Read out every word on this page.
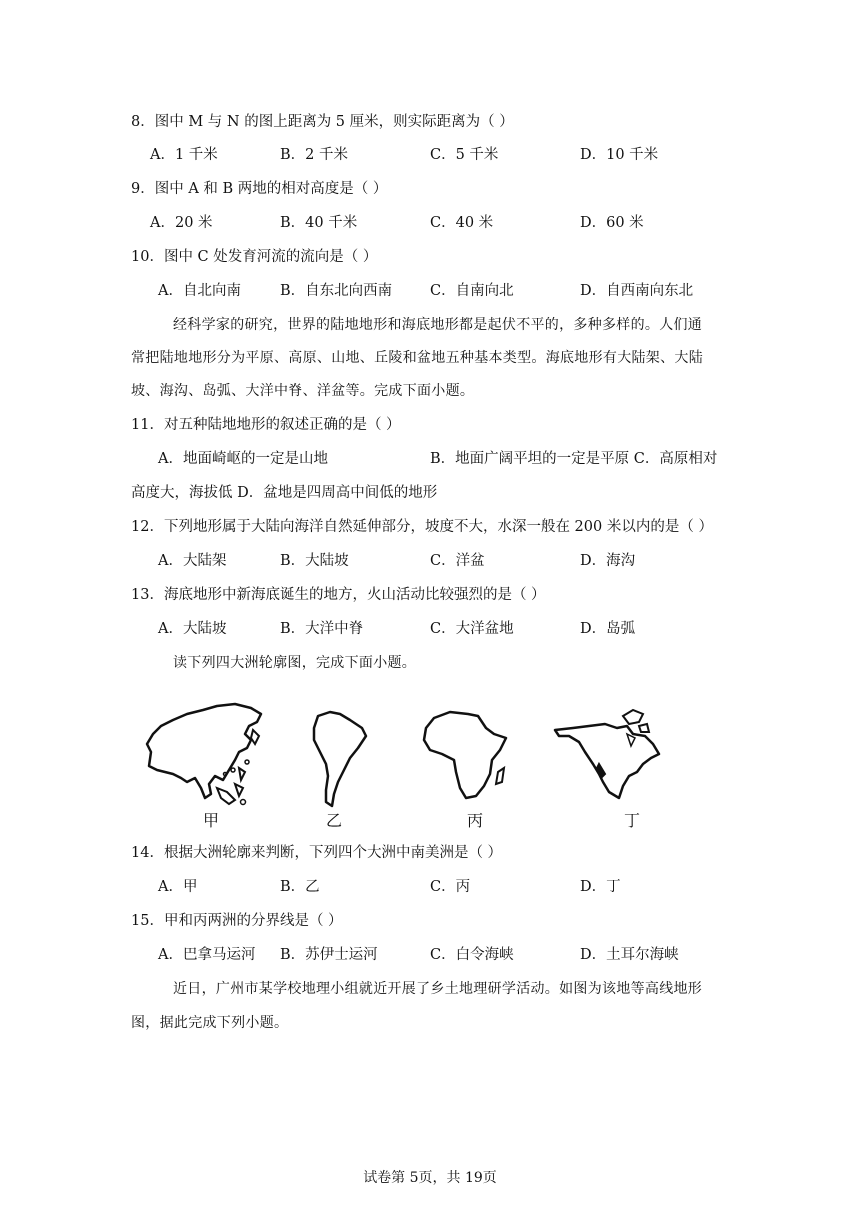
8．图中 M 与 N 的图上距离为 5 厘米，则实际距离为（ ）
A．1 千米	B．2 千米	C．5 千米	D．10 千米
9．图中 A 和 B 两地的相对高度是（ ）
A．20 米	B．40 千米	C．40 米	D．60 米
10．图中 C 处发育河流的流向是（ ）
A．自北向南	B．自东北向西南	C．自南向北	D．自西南向东北
经科学家的研究，世界的陆地地形和海底地形都是起伏不平的，多种多样的。人们通
常把陆地地形分为平原、高原、山地、丘陵和盆地五种基本类型。海底地形有大陆架、大陆
坡、海沟、岛弧、大洋中脊、洋盆等。完成下面小题。
11．对五种陆地地形的叙述正确的是（ ）
A．地面崎岖的一定是山地	B．地面广阔平坦的一定是平原 C．高原相对
高度大，海拔低 D．盆地是四周高中间低的地形
12．下列地形属于大陆向海洋自然延伸部分，坡度不大，水深一般在 200 米以内的是（ ）
A．大陆架	B．大陆坡	C．洋盆	D．海沟
13．海底地形中新海底诞生的地方，火山活动比较强烈的是（ ）
A．大陆坡	B．大洋中脊	C．大洋盆地	D．岛弧
读下列四大洲轮廓图，完成下面小题。
甲	乙	丙	丁
14．根据大洲轮廓来判断，下列四个大洲中南美洲是（ ）
A．甲	B．乙	C．丙	D．丁
15．甲和丙两洲的分界线是（ ）
A．巴拿马运河 B．苏伊士运河	C．白令海峡	D．土耳尔海峡
近日，广州市某学校地理小组就近开展了乡土地理研学活动。如图为该地等高线地形
图，据此完成下列小题。
试卷第 5页，共 19页
